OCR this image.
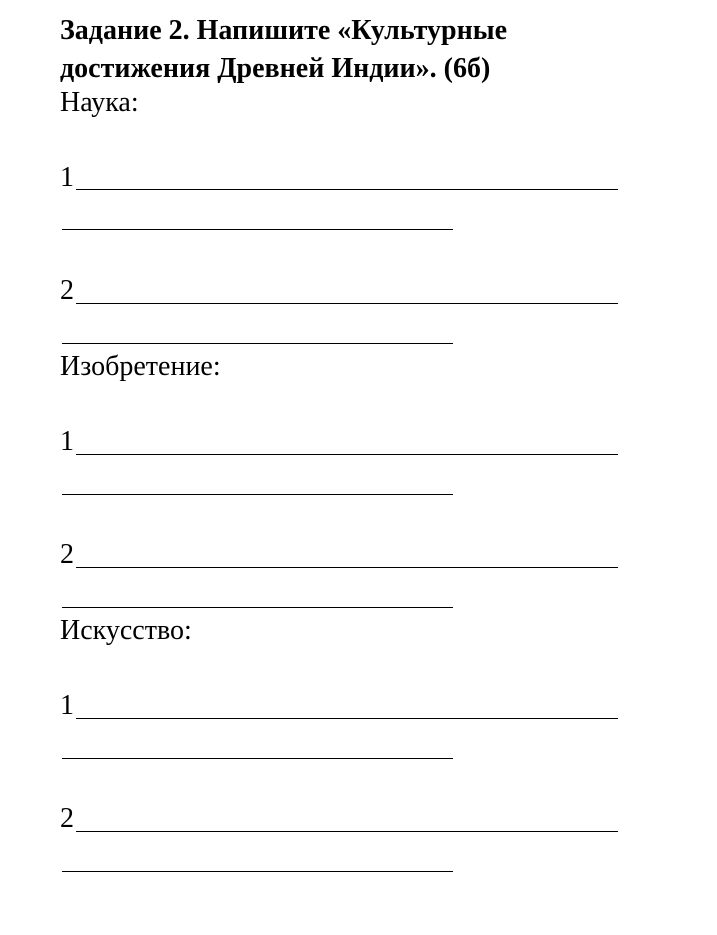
Задание 2. Напишите «Культурные
достижения Древней Индии». (6б)
Наука:
1
2
Изобретение:
1
2
Искусство:
1
2
